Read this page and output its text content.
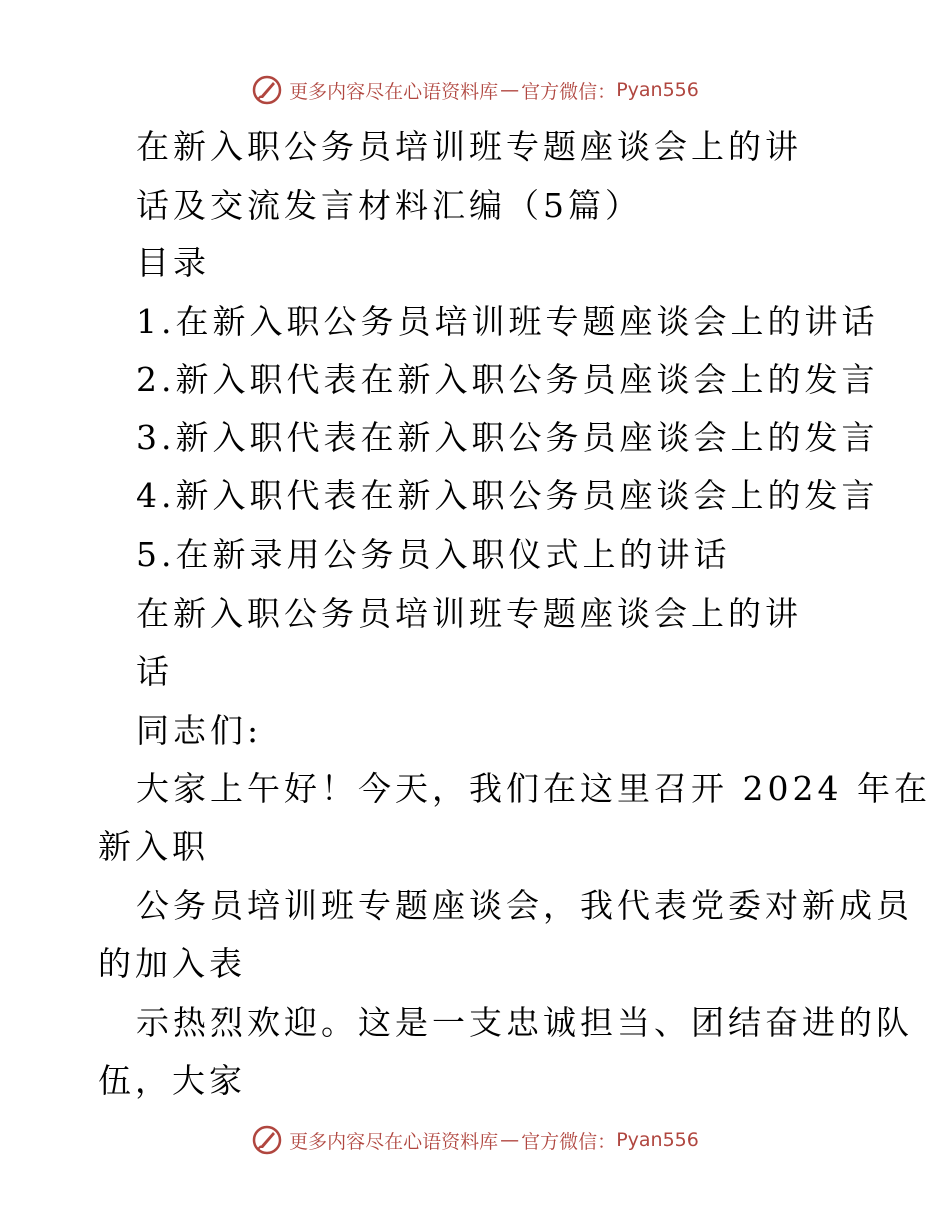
更多内容尽在心语资料库 — 官方微信： Pyan556
在新入职公务员培训班专题座谈会上的讲
话及交流发言材料汇编（5篇）
目录
1.在新入职公务员培训班专题座谈会上的讲话
2.新入职代表在新入职公务员座谈会上的发言
3.新入职代表在新入职公务员座谈会上的发言
4.新入职代表在新入职公务员座谈会上的发言
5.在新录用公务员入职仪式上的讲话
在新入职公务员培训班专题座谈会上的讲
话
同志们:
大家上午好！今天，我们在这里召开 2024 年在
新入职
公务员培训班专题座谈会，我代表党委对新成员
的加入表
示热烈欢迎。这是一支忠诚担当、团结奋进的队
伍，大家
更多内容尽在心语资料库 — 官方微信： Pyan556
